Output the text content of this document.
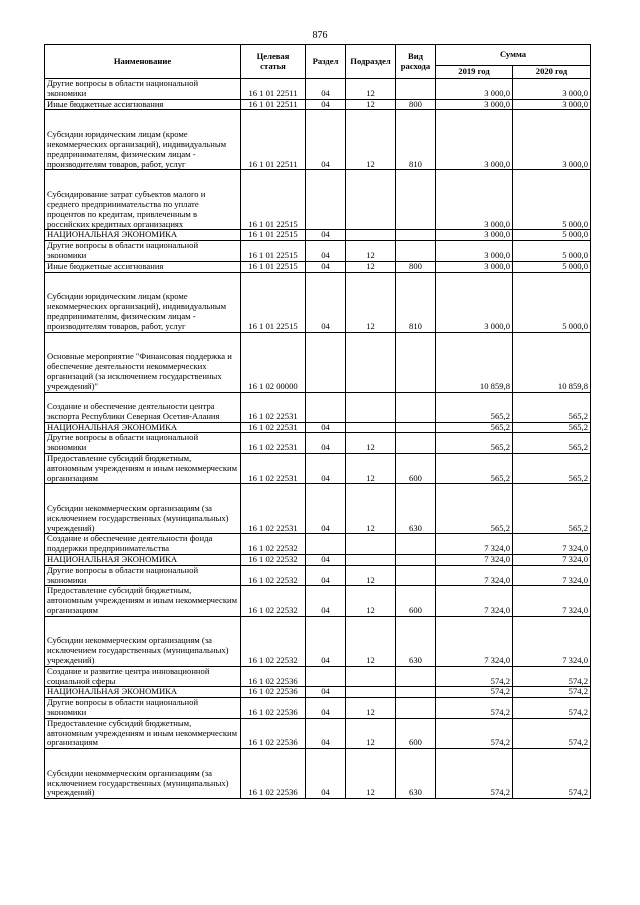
876
Наименование	Целевая статья	Раздел	Подраздел	Вид расхода	Сумма	
					2019 год	2020 год
Другие вопросы в области национальной экономики	16 1 01 22511	04	12		3 000,0	3 000,0
Иные бюджетные ассигнования	16 1 01 22511	04	12	800	3 000,0	3 000,0
Субсидии юридическим лицам (кроме некоммерческих организаций), индивидуальным предпринимателям, физическим лицам - производителям товаров, работ, услуг	16 1 01 22511	04	12	810	3 000,0	3 000,0
Субсидирование затрат субъектов малого и среднего предпринимательства по уплате процентов по кредитам, привлеченным в российских кредитных организациях	16 1 01 22515				3 000,0	5 000,0
НАЦИОНАЛЬНАЯ ЭКОНОМИКА	16 1 01 22515	04			3 000,0	5 000,0
Другие вопросы в области национальной экономики	16 1 01 22515	04	12		3 000,0	5 000,0
Иные бюджетные ассигнования	16 1 01 22515	04	12	800	3 000,0	5 000,0
Субсидии юридическим лицам (кроме некоммерческих организаций), индивидуальным предпринимателям, физическим лицам - производителям товаров, работ, услуг	16 1 01 22515	04	12	810	3 000,0	5 000,0
Основные мероприятие "Финансовая поддержка и обеспечение деятельности некоммерческих организаций (за исключением государственных учреждений)"	16 1 02 00000				10 859,8	10 859,8
Создание и обеспечение деятельности центра экспорта Республики Северная Осетия-Алания	16 1 02 22531				565,2	565,2
НАЦИОНАЛЬНАЯ ЭКОНОМИКА	16 1 02 22531	04			565,2	565,2
Другие вопросы в области национальной экономики	16 1 02 22531	04	12		565,2	565,2
Предоставление субсидий бюджетным, автономным учреждениям и иным некоммерческим организациям	16 1 02 22531	04	12	600	565,2	565,2
Субсидии некоммерческим организациям (за исключением государственных (муниципальных) учреждений)	16 1 02 22531	04	12	630	565,2	565,2
Создание и обеспечение деятельности фонда поддержки предпринимательства	16 1 02 22532				7 324,0	7 324,0
НАЦИОНАЛЬНАЯ ЭКОНОМИКА	16 1 02 22532	04			7 324,0	7 324,0
Другие вопросы в области национальной экономики	16 1 02 22532	04	12		7 324,0	7 324,0
Предоставление субсидий бюджетным, автономным учреждениям и иным некоммерческим организациям	16 1 02 22532	04	12	600	7 324,0	7 324,0
Субсидии некоммерческим организациям (за исключением государственных (муниципальных) учреждений)	16 1 02 22532	04	12	630	7 324,0	7 324,0
Создание и развитие центра инновационной социальной сферы	16 1 02 22536				574,2	574,2
НАЦИОНАЛЬНАЯ ЭКОНОМИКА	16 1 02 22536	04			574,2	574,2
Другие вопросы в области национальной экономики	16 1 02 22536	04	12		574,2	574,2
Предоставление субсидий бюджетным, автономным учреждениям и иным некоммерческим организациям	16 1 02 22536	04	12	600	574,2	574,2
Субсидии некоммерческим организациям (за исключением государственных (муниципальных) учреждений)	16 1 02 22536	04	12	630	574,2	574,2
